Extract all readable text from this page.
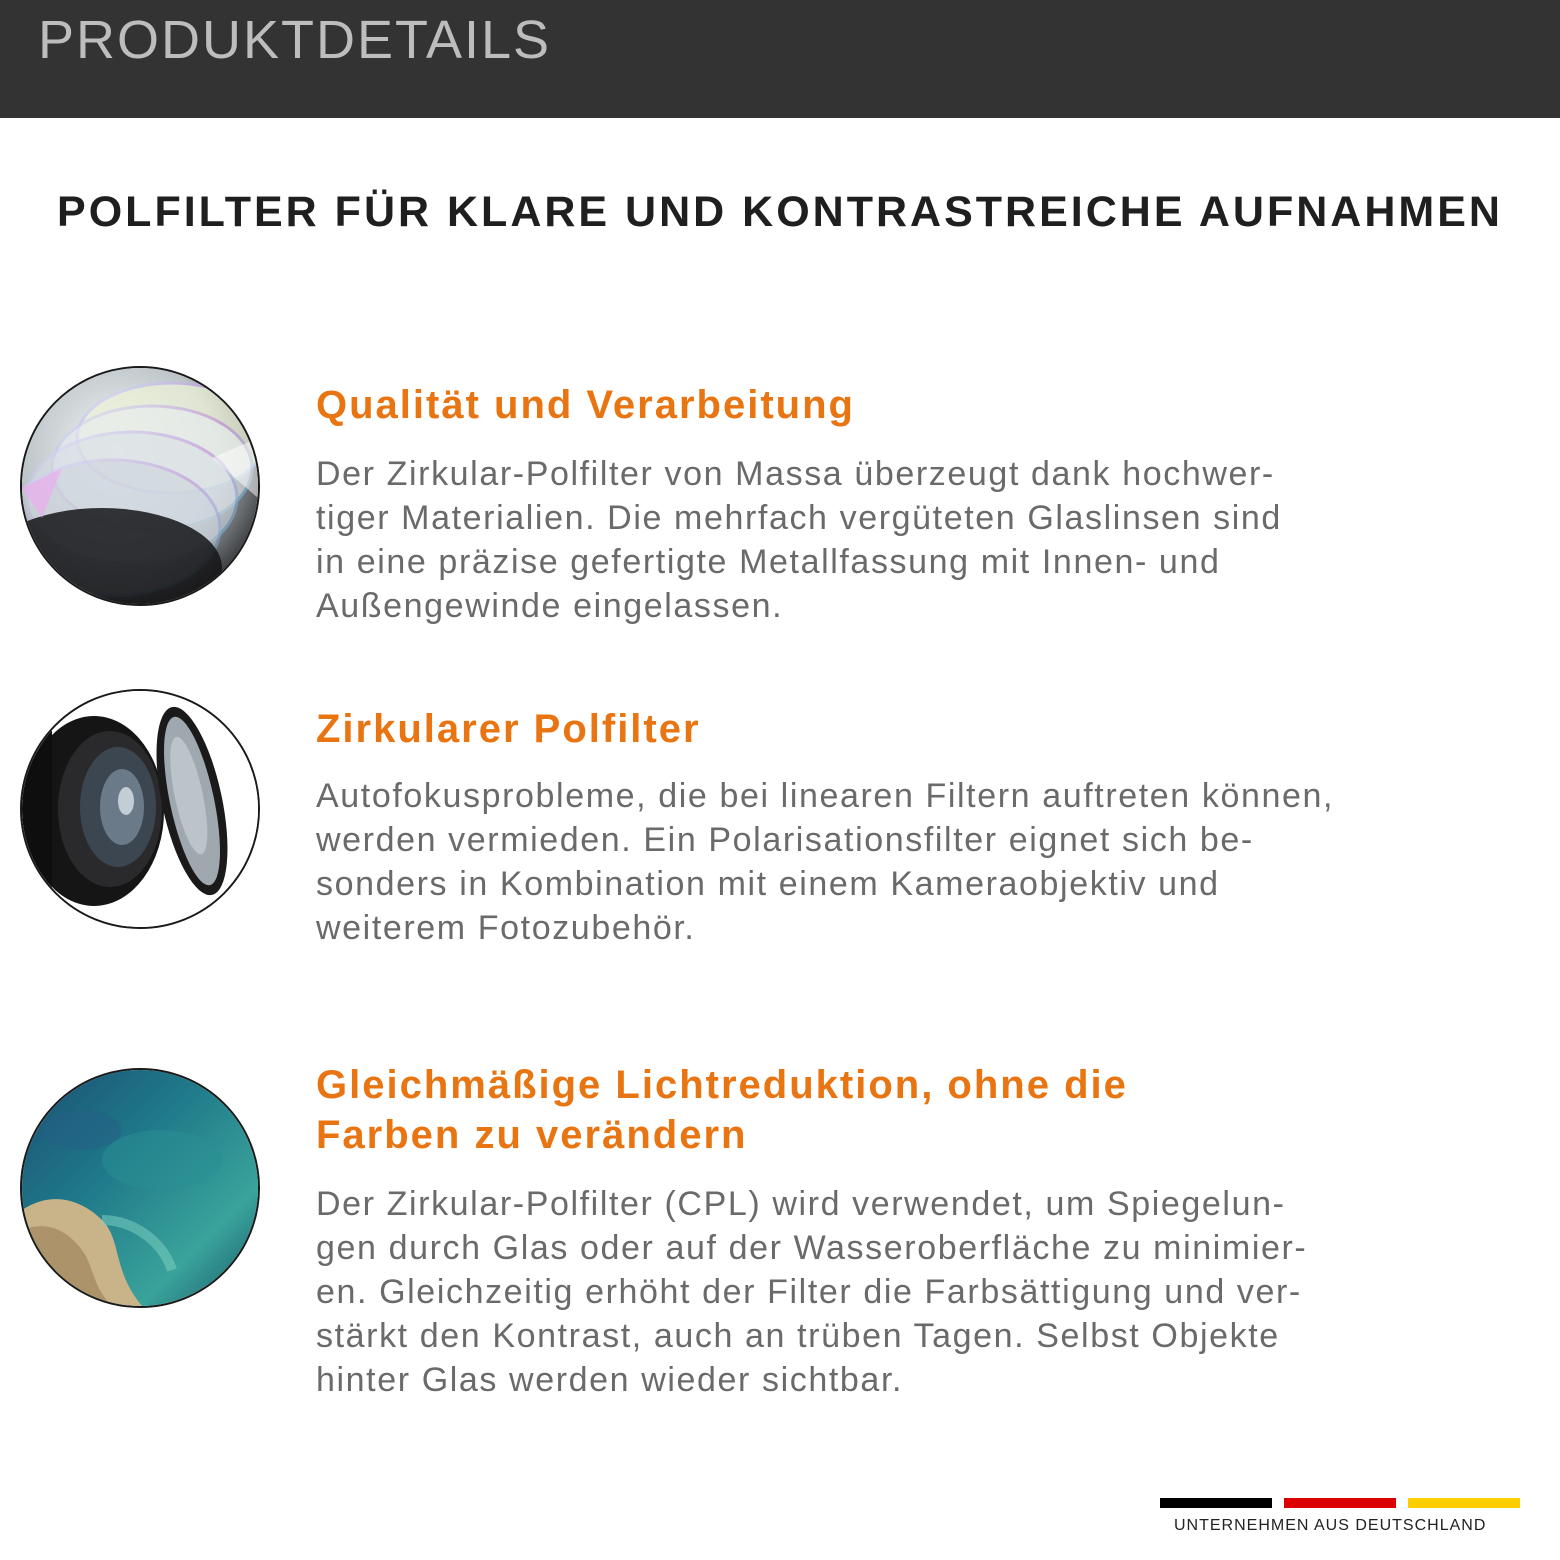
PRODUKTDETAILS
POLFILTER FÜR KLARE UND KONTRASTREICHE AUFNAHMEN
Qualität und Verarbeitung
Der Zirkular-Polfilter von Massa überzeugt dank hochwer-
tiger Materialien. Die mehrfach vergüteten Glaslinsen sind
in eine präzise gefertigte Metallfassung mit Innen- und
Außengewinde eingelassen.
Zirkularer Polfilter
Autofokusprobleme, die bei linearen Filtern auftreten können,
werden vermieden. Ein Polarisationsfilter eignet sich be-
sonders in Kombination mit einem Kameraobjektiv und
weiterem Fotozubehör.
Gleichmäßige Lichtreduktion, ohne die
Farben zu verändern
Der Zirkular-Polfilter (CPL) wird verwendet, um Spiegelun-
gen durch Glas oder auf der Wasseroberfläche zu minimier-
en. Gleichzeitig erhöht der Filter die Farbsättigung und ver-
stärkt den Kontrast, auch an trüben Tagen. Selbst Objekte
hinter Glas werden wieder sichtbar.
UNTERNEHMEN AUS DEUTSCHLAND
